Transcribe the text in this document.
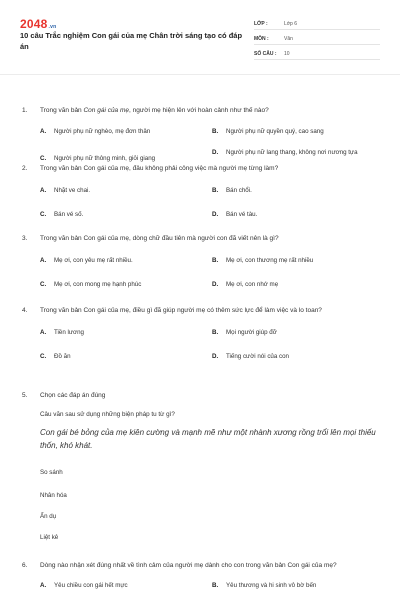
2048.vn
10 câu Trắc nghiệm Con gái của mẹ Chân trời sáng tạo có đáp án
LỚP :	Lớp 6
MÔN :	Văn
SỐ CÂU :	10
1.	Trong văn bản Con gái của mẹ, người mẹ hiện lên với hoàn cảnh như thế nào?
A.	Người phụ nữ nghèo, mẹ đơn thân	B.	Người phụ nữ quyền quý, cao sang
C.	Người phụ nữ thông minh, giỏi giang
D.	Người phụ nữ lang thang, không nơi nương tựa
2.	Trong văn bản Con gái của mẹ, đâu không phải công việc mà người mẹ từng làm?
A.	Nhặt ve chai.	B.	Bán chổi.
C.	Bán vé số.	D.	Bán vé tàu.
3.	Trong văn bản Con gái của mẹ, dòng chữ đầu tiên mà người con đã viết nên là gì?
A.	Mẹ ơi, con yêu mẹ rất nhiều.	B.	Mẹ ơi, con thương mẹ rất nhiều
C.	Mẹ ơi, con mong mẹ hạnh phúc	D.	Mẹ ơi, con nhớ mẹ
4.	Trong văn bản Con gái của mẹ, điều gì đã giúp người mẹ có thêm sức lực để làm việc và lo toan?
A.	Tiền lương	B.	Mọi người giúp đỡ
C.	Đồ ăn	D.	Tiếng cười nói của con
5.	Chọn các đáp án đúng
Câu văn sau sử dụng những biện pháp tu từ gì?
Con gái bé bỏng của mẹ kiên cường và mạnh mẽ như một nhành xương rồng trổi lên mọi thiếu thốn, khó khát.
So sánh
Nhân hóa
Ẩn dụ
Liệt kê
6.	Dòng nào nhận xét đúng nhất về tình cảm của người mẹ dành cho con trong văn bản Con gái của mẹ?
A.	Yêu chiều con gái hết mực	B.	Yêu thương và hi sinh vô bờ bến
